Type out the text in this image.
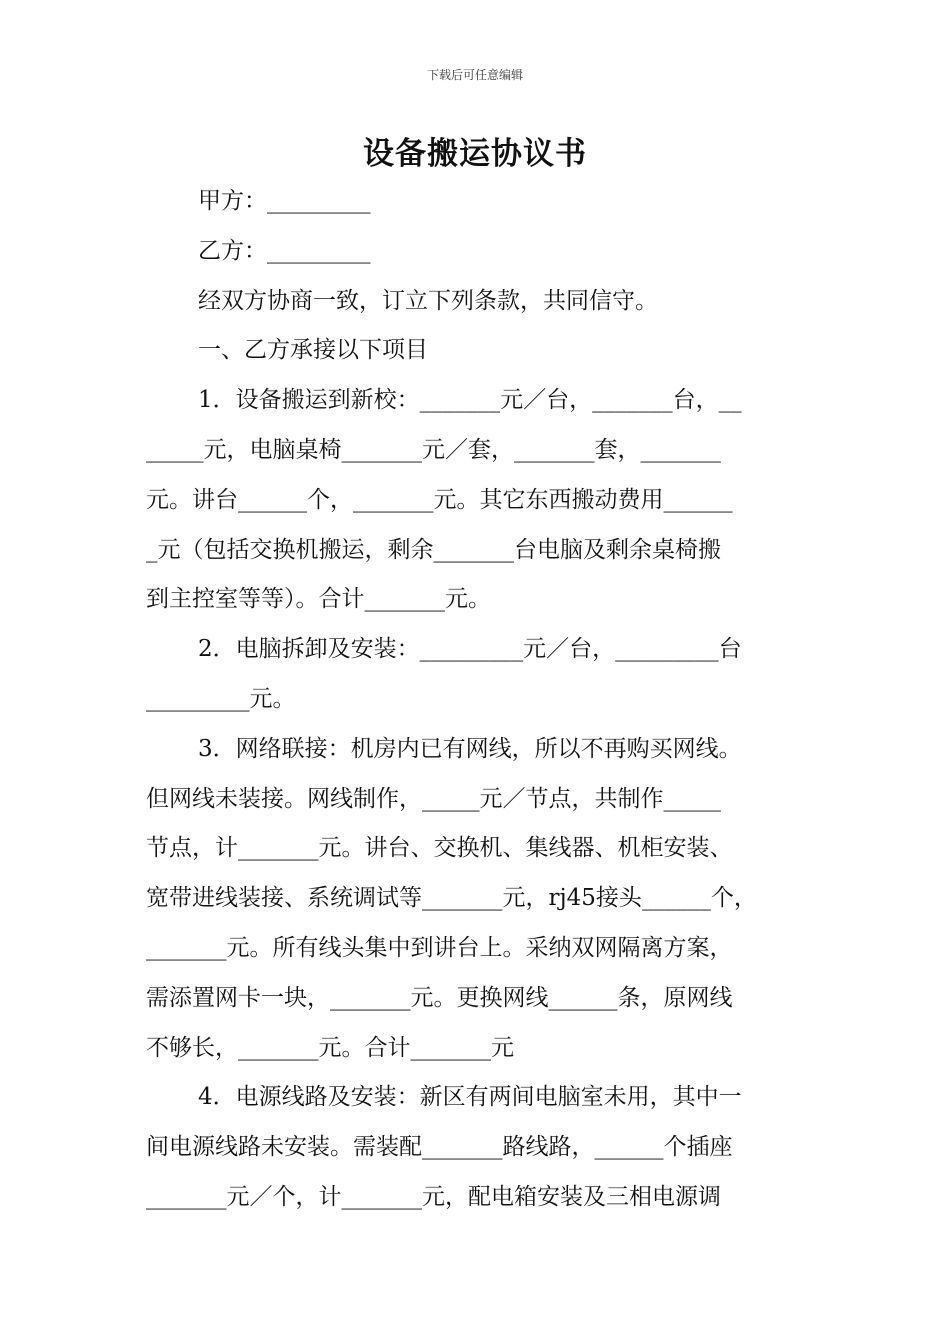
下载后可任意编辑
设备搬运协议书
甲方：_________
乙方：_________
经双方协商一致，订立下列条款，共同信守。
一、乙方承接以下项目
1．设备搬运到新校：_______元／台，_______台，__
_____元，电脑桌椅_______元／套，_______套，_______
元。讲台______个，_______元。其它东西搬动费用______
_元（包括交换机搬运，剩余_______台电脑及剩余桌椅搬
到主控室等等）。合计_______元。
2．电脑拆卸及安装：_________元／台，_________台
_________元。
3．网络联接：机房内已有网线，所以不再购买网线。
但网线未装接。网线制作，_____元／节点，共制作_____
节点，计_______元。讲台、交换机、集线器、机柜安装、
宽带进线装接、系统调试等_______元，rj45接头______个，
_______元。所有线头集中到讲台上。采纳双网隔离方案，
需添置网卡一块，_______元。更换网线______条，原网线
不够长，_______元。合计_______元
4．电源线路及安装：新区有两间电脑室未用，其中一
间电源线路未安装。需装配_______路线路，______个插座
_______元／个，计_______元，配电箱安装及三相电源调
